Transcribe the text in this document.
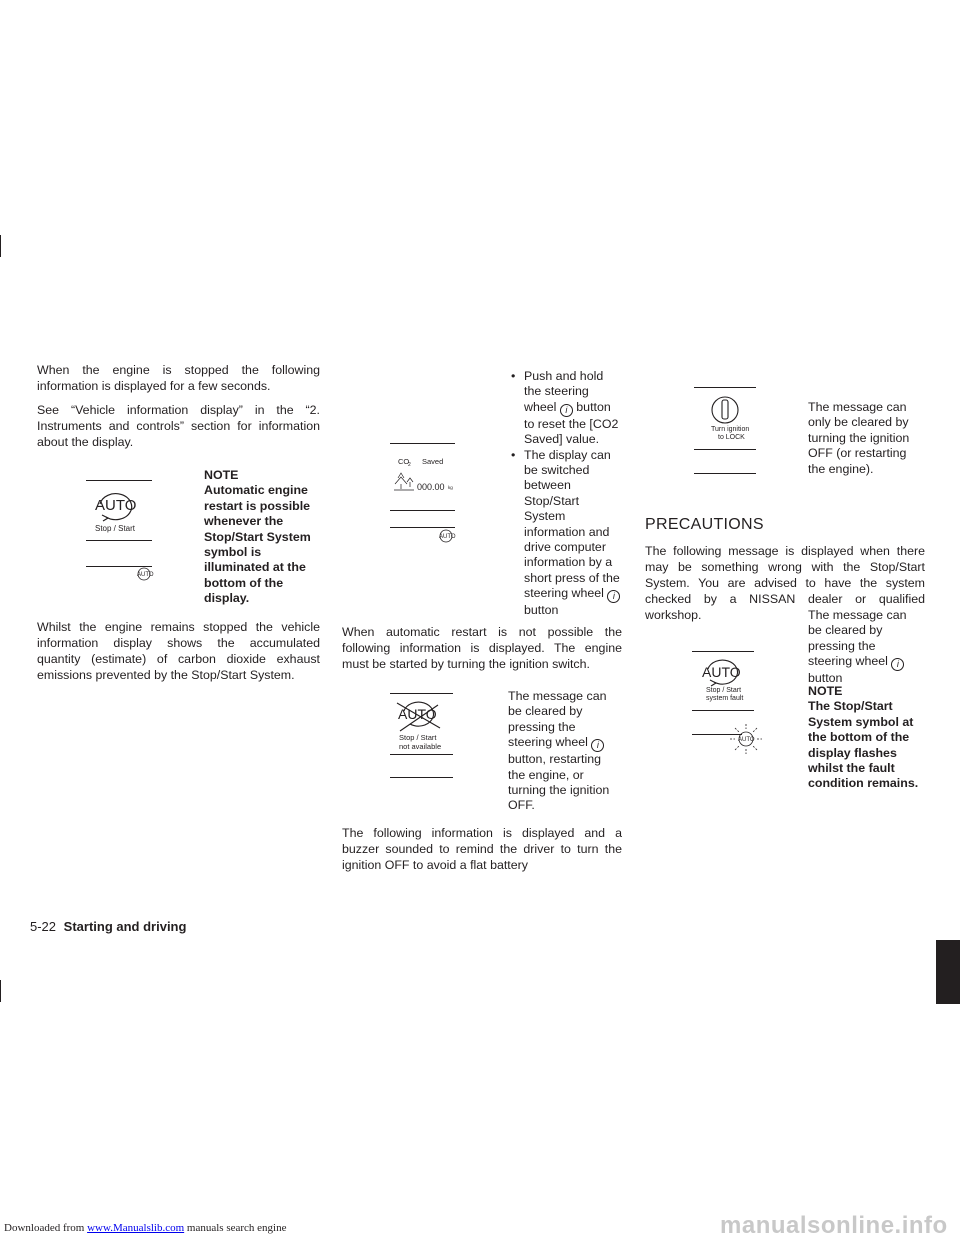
Downloaded from www.Manualslib.com manuals search engine
When the engine is stopped the following information is displayed for a few seconds.
See “Vehicle information display” in the “2. Instruments and controls” section for information about the display.
AUTO
Stop / Start
AUTO
NOTE
Automatic engine restart is possible whenever the Stop/Start System symbol is illuminated at the bottom of the display.
Whilst the engine remains stopped the vehicle information display shows the accumulated quantity (estimate) of carbon dioxide exhaust emissions prevented by the Stop/Start System.
CO
2 Saved
000.00 kg
AUTO
• Push and hold the steering wheel i button to reset the [CO2 Saved] value.
• The display can be switched between Stop/Start System information and drive computer information by a short press of the steering wheel i button
When automatic restart is not possible the following information is displayed. The engine must be started by turning the ignition switch.
AUTO
Stop / Start
not available
The message can be cleared by pressing the steering wheel i button, restarting the engine, or turning the ignition OFF.
The following information is displayed and a buzzer sounded to remind the driver to turn the ignition OFF to avoid a flat battery
Turn ignition
to LOCK
The message can only be cleared by turning the ignition OFF (or restarting the engine).
PRECAUTIONS
The following message is displayed when there may be something wrong with the Stop/Start System. You are advised to have the system checked by a NISSAN dealer or qualified workshop.
AUTO
Stop / Start
system fault
AUTO
The message can be cleared by pressing the steering wheel i button
NOTE
The Stop/Start System symbol at the bottom of the display flashes whilst the fault condition remains.
5-22 Starting and driving
manualsonline.info
